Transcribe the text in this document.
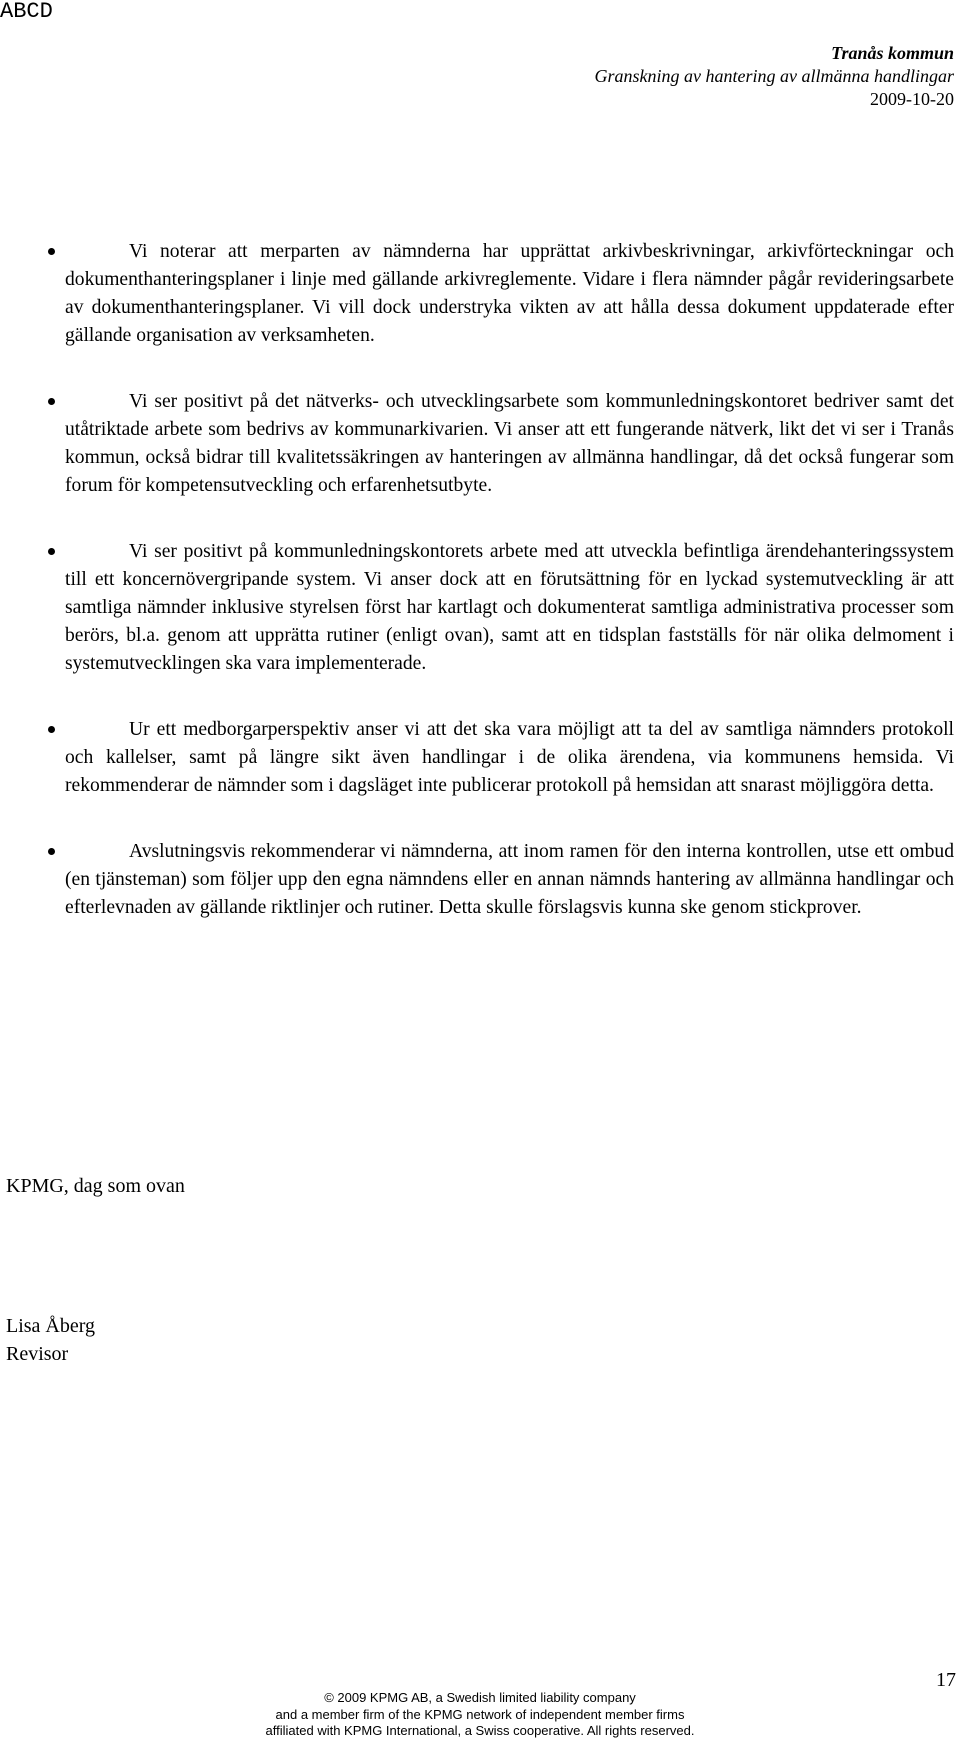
ABCD
Tranås kommun
Granskning av hantering av allmänna handlingar
2009-10-20
Vi noterar att merparten av nämnderna har upprättat arkivbeskrivningar, arkivförteckningar och dokumenthanteringsplaner i linje med gällande arkivreglemente. Vidare i flera nämnder pågår revideringsarbete av dokumenthanteringsplaner. Vi vill dock understryka vikten av att hålla dessa dokument uppdaterade efter gällande organisation av verksamheten.
Vi ser positivt på det nätverks- och utvecklingsarbete som kommunledningskontoret bedriver samt det utåtriktade arbete som bedrivs av kommunarkivarien. Vi anser att ett fungerande nätverk, likt det vi ser i Tranås kommun, också bidrar till kvalitetssäkringen av hanteringen av allmänna handlingar, då det också fungerar som forum för kompetensutveckling och erfarenhetsutbyte.
Vi ser positivt på kommunledningskontorets arbete med att utveckla befintliga ärendehanteringssystem till ett koncernövergripande system. Vi anser dock att en förutsättning för en lyckad systemutveckling är att samtliga nämnder inklusive styrelsen först har kartlagt och dokumenterat samtliga administrativa processer som berörs, bl.a. genom att upprätta rutiner (enligt ovan), samt att en tidsplan fastställs för när olika delmoment i systemutvecklingen ska vara implementerade.
Ur ett medborgarperspektiv anser vi att det ska vara möjligt att ta del av samtliga nämnders protokoll och kallelser, samt på längre sikt även handlingar i de olika ärendena, via kommunens hemsida. Vi rekommenderar de nämnder som i dagsläget inte publicerar protokoll på hemsidan att snarast möjliggöra detta.
Avslutningsvis rekommenderar vi nämnderna, att inom ramen för den interna kontrollen, utse ett ombud (en tjänsteman) som följer upp den egna nämndens eller en annan nämnds hantering av allmänna handlingar och efterlevnaden av gällande riktlinjer och rutiner. Detta skulle förslagsvis kunna ske genom stickprover.
KPMG, dag som ovan
Lisa Åberg
Revisor
17
© 2009 KPMG AB, a Swedish limited liability company
and a member firm of the KPMG network of independent member firms
affiliated with KPMG International, a Swiss cooperative. All rights reserved.
